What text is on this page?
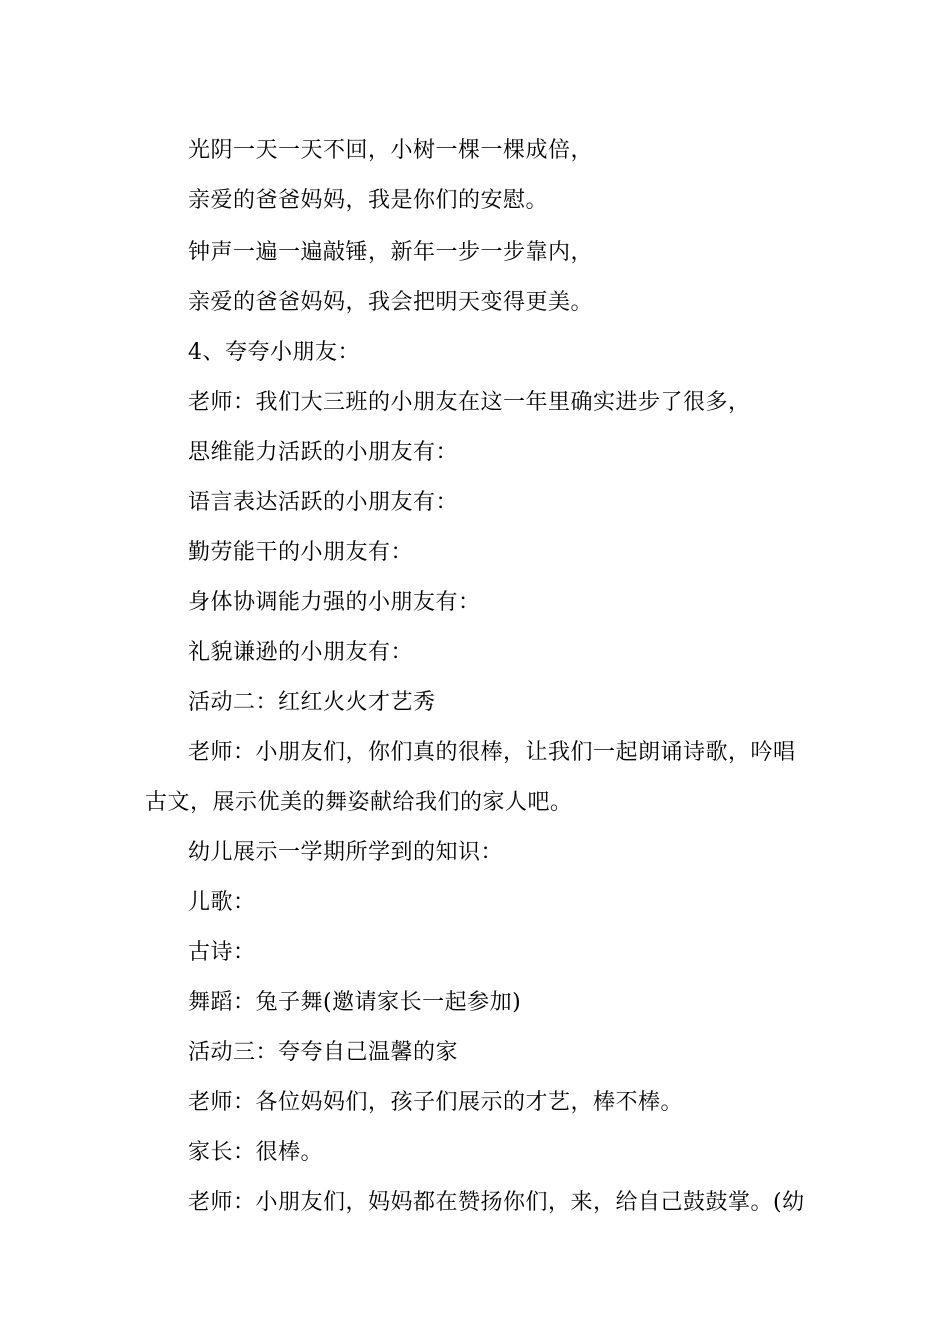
光阴一天一天不回，小树一棵一棵成倍，
亲爱的爸爸妈妈，我是你们的安慰。
钟声一遍一遍敲锤，新年一步一步靠内，
亲爱的爸爸妈妈，我会把明天变得更美。
4、夸夸小朋友：
老师：我们大三班的小朋友在这一年里确实进步了很多，
思维能力活跃的小朋友有：
语言表达活跃的小朋友有：
勤劳能干的小朋友有：
身体协调能力强的小朋友有：
礼貌谦逊的小朋友有：
活动二：红红火火才艺秀
老师：小朋友们，你们真的很棒，让我们一起朗诵诗歌，吟唱
古文，展示优美的舞姿献给我们的家人吧。
幼儿展示一学期所学到的知识：
儿歌：
古诗：
舞蹈：兔子舞(邀请家长一起参加)
活动三：夸夸自己温馨的家
老师：各位妈妈们，孩子们展示的才艺，棒不棒。
家长：很棒。
老师：小朋友们，妈妈都在赞扬你们，来，给自己鼓鼓掌。(幼
